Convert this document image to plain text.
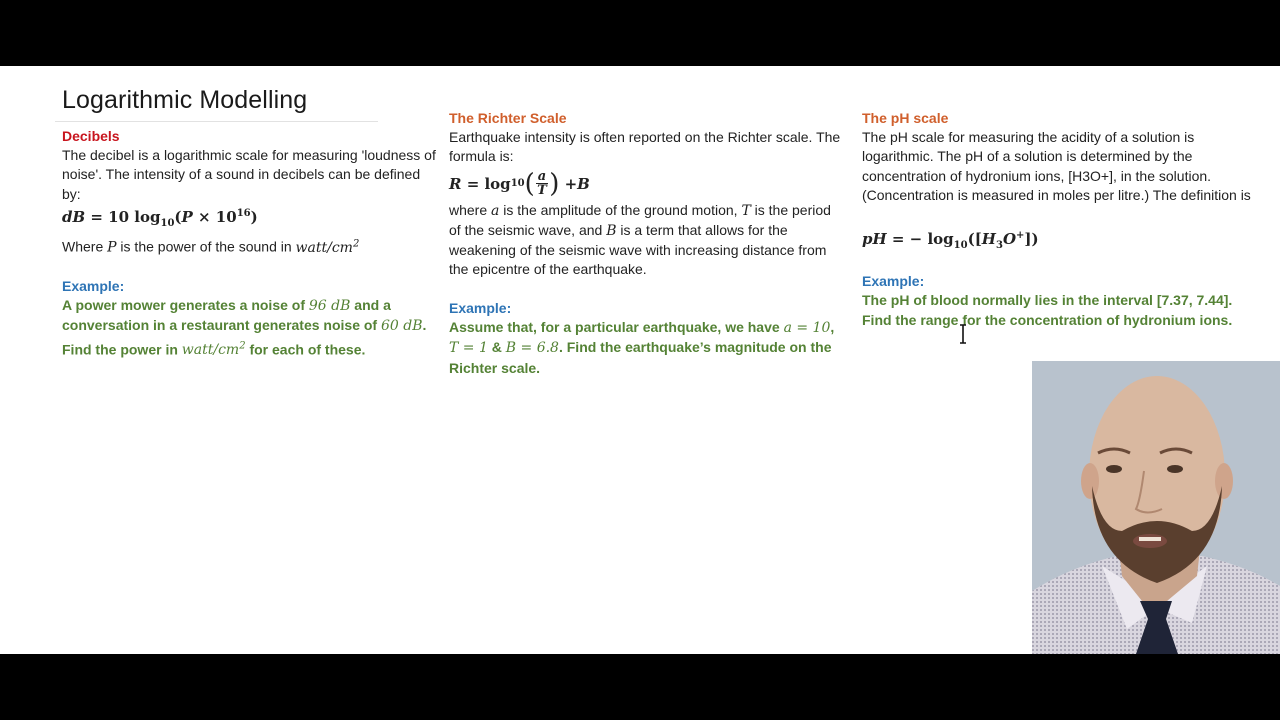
Logarithmic Modelling
Decibels
The decibel is a logarithmic scale for measuring 'loudness of noise'. The intensity of a sound in decibels can be defined by:
dB = 10 $\log_{10}(P \times 10^{16})$
Where P is the power of the sound in watt/$cm^2$
Example:
A power mower generates a noise of 96 dB and a conversation in a restaurant generates noise of 60 dB. Find the power in watt/$cm^2$ for each of these.
The Richter Scale
Earthquake intensity is often reported on the Richter scale. The formula is:
R = log 10 ( $\frac{a}{T}$ ) + B
where a is the amplitude of the ground motion, T is the period of the seismic wave, and B is a term that allows for the weakening of the seismic wave with increasing distance from the epicentre of the earthquake.
Example:
Assume that, for a particular earthquake, we have a = 10, T = 1 & B = 6.8. Find the earthquake’s magnitude on the Richter scale.
The pH scale
The pH scale for measuring the acidity of a solution is logarithmic. The pH of a solution is determined by the concentration of hydronium ions, [H3O+], in the solution. (Concentration is measured in moles per litre.) The definition is
pH = − $\log_{10}([H_3O^+])$
Example:
The pH of blood normally lies in the interval [7.37, 7.44]. Find the range for the concentration of hydronium ions.
